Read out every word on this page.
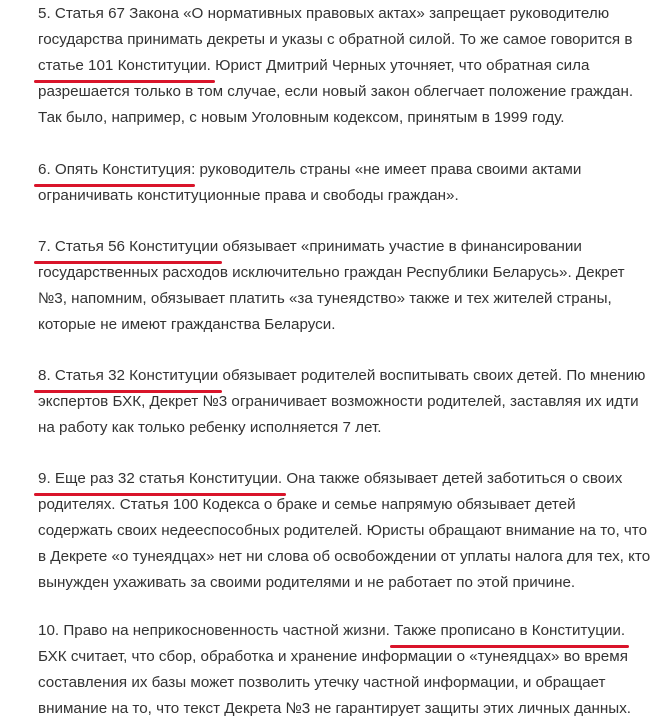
5. Статья 67 Закона «О нормативных правовых актах» запрещает руководителю
государства принимать декреты и указы с обратной силой. То же самое говорится в
статье 101 Конституции. Юрист Дмитрий Черных уточняет, что обратная сила
разрешается только в том случае, если новый закон облегчает положение граждан.
Так было, например, с новым Уголовным кодексом, принятым в 1999 году.

6. Опять Конституция: руководитель страны «не имеет права своими актами
ограничивать конституционные права и свободы граждан».

7. Статья 56 Конституции обязывает «принимать участие в финансировании
государственных расходов исключительно граждан Республики Беларусь». Декрет
№3, напомним, обязывает платить «за тунеядство» также и тех жителей страны,
которые не имеют гражданства Беларуси.

8. Статья 32 Конституции обязывает родителей воспитывать своих детей. По мнению
экспертов БХК, Декрет №3 ограничивает возможности родителей, заставляя их идти
на работу как только ребенку исполняется 7 лет.

9. Еще раз 32 статья Конституции. Она также обязывает детей заботиться о своих
родителях. Статья 100 Кодекса о браке и семье напрямую обязывает детей
содержать своих недееспособных родителей. Юристы обращают внимание на то, что
в Декрете «о тунеядцах» нет ни слова об освобождении от уплаты налога для тех, кто
вынужден ухаживать за своими родителями и не работает по этой причине.

10. Право на неприкосновенность частной жизни. Также прописано в Конституции.
БХК считает, что сбор, обработка и хранение информации о «тунеядцах» во время
составления их базы может позволить утечку частной информации, и обращает
внимание на то, что текст Декрета №3 не гарантирует защиты этих личных данных.
